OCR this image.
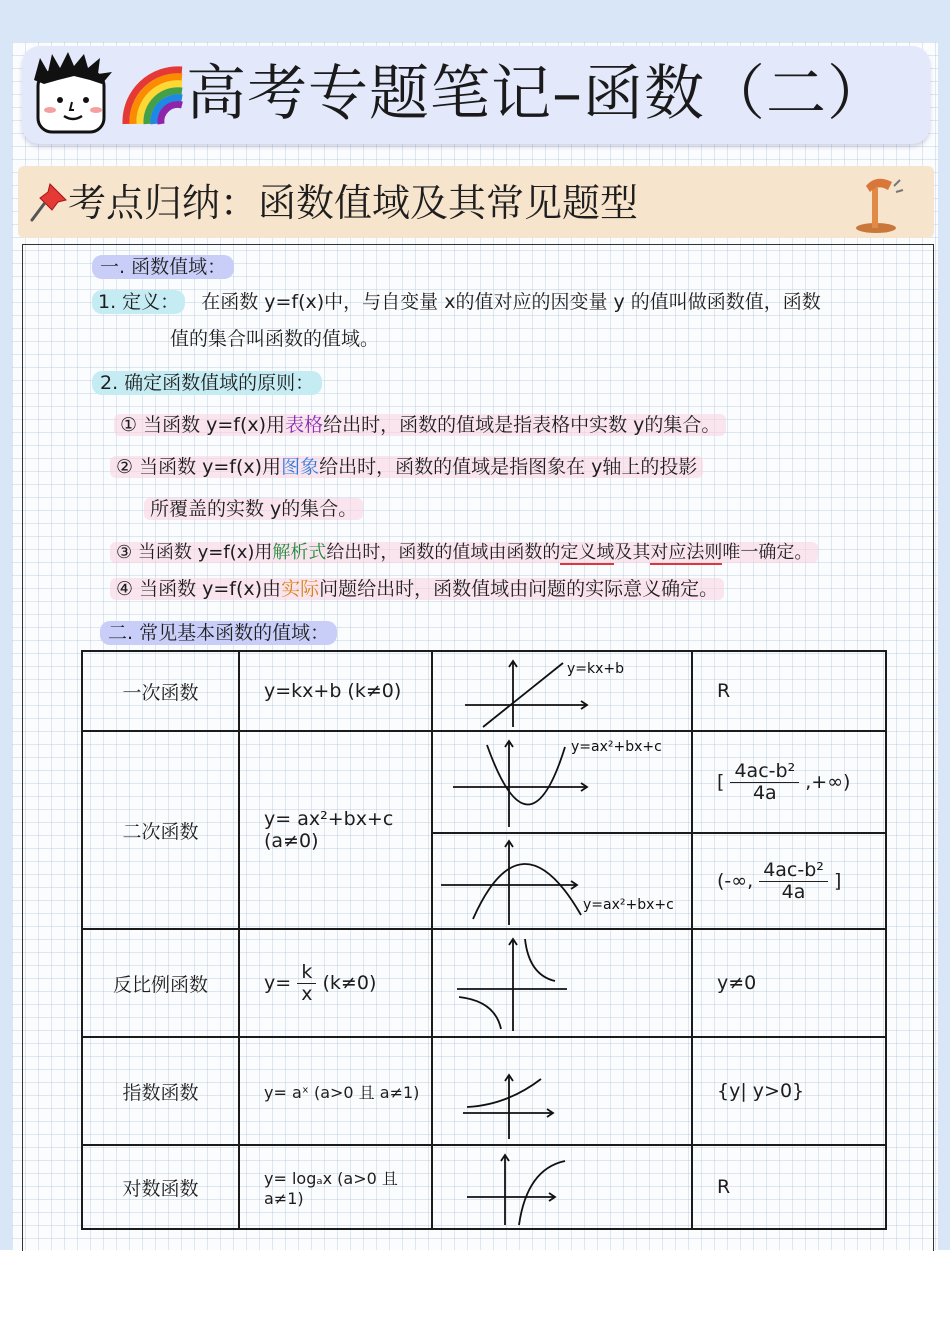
高考专题笔记–函数（二）
考点归纳：函数值域及其常见题型
一. 函数值域：
1. 定义： 在函数 y=f(x)中，与自变量 x的值对应的因变量 y 的值叫做函数值，函数
值的集合叫函数的值域。
2. 确定函数值域的原则：
① 当函数 y=f(x)用表格给出时，函数的值域是指表格中实数 y的集合。
② 当函数 y=f(x)用图象给出时，函数的值域是指图象在 y轴上的投影
所覆盖的实数 y的集合。
③ 当函数 y=f(x)用解析式给出时，函数的值域由函数的定义域及其对应法则唯一确定。
④ 当函数 y=f(x)由实际问题给出时，函数值域由问题的实际意义确定。
二. 常见基本函数的值域：
一次函数	y=kx+b (k≠0)	y=kx+b	R
二次函数	y= ax²+bx+c (a≠0)	y=ax²+bx+c	[ $\frac{\text{4ac-b²}}{4a}$ ,+∞)

y=ax²+bx+c	(-∞, $\frac{\text{4ac-b²}}{4a}$ ]
反比例函数	$y= \frac{k}{x} (k\ne 0)$		y≠0
指数函数	y= aˣ (a>0 且 a≠1)		{y| y>0}
对数函数	y= logₐx (a>0 且 a≠1)		R
